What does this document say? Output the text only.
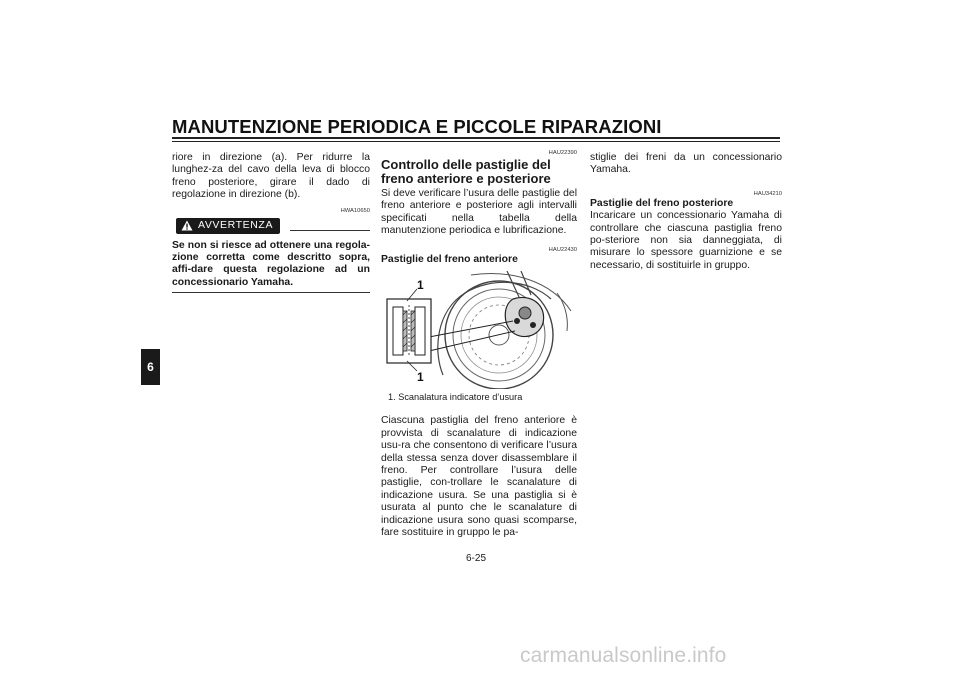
MANUTENZIONE PERIODICA E PICCOLE RIPARAZIONI
6

riore in direzione (a). Per ridurre la lunghez-za del cavo della leva di blocco freno posteriore, girare il dado di regolazione in direzione (b).

HWA10650

AVVERTENZA

Se non si riesce ad ottenere una regola-zione corretta come descritto sopra, affi-dare questa regolazione ad un concessionario Yamaha.

HAU22390

Controllo delle pastiglie del freno anteriore e posteriore

Si deve verificare l’usura delle pastiglie del freno anteriore e posteriore agli intervalli specificati nella tabella della manutenzione periodica e lubrificazione.

HAU22430

Pastiglie del freno anteriore

1
1
1. Scanalatura indicatore d’usura

Ciascuna pastiglia del freno anteriore è provvista di scanalature di indicazione usu-ra che consentono di verificare l’usura della stessa senza dover disassemblare il freno. Per controllare l’usura delle pastiglie, con-trollare le scanalature di indicazione usura. Se una pastiglia si è usurata al punto che le scanalature di indicazione usura sono quasi scomparse, fare sostituire in gruppo le pa-

stiglie dei freni da un concessionario Yamaha.

HAU34210

Pastiglie del freno posteriore

Incaricare un concessionario Yamaha di controllare che ciascuna pastiglia freno po-steriore non sia danneggiata, di misurare lo spessore guarnizione e se necessario, di sostituirle in gruppo.

6-25
carmanualsonline.info
